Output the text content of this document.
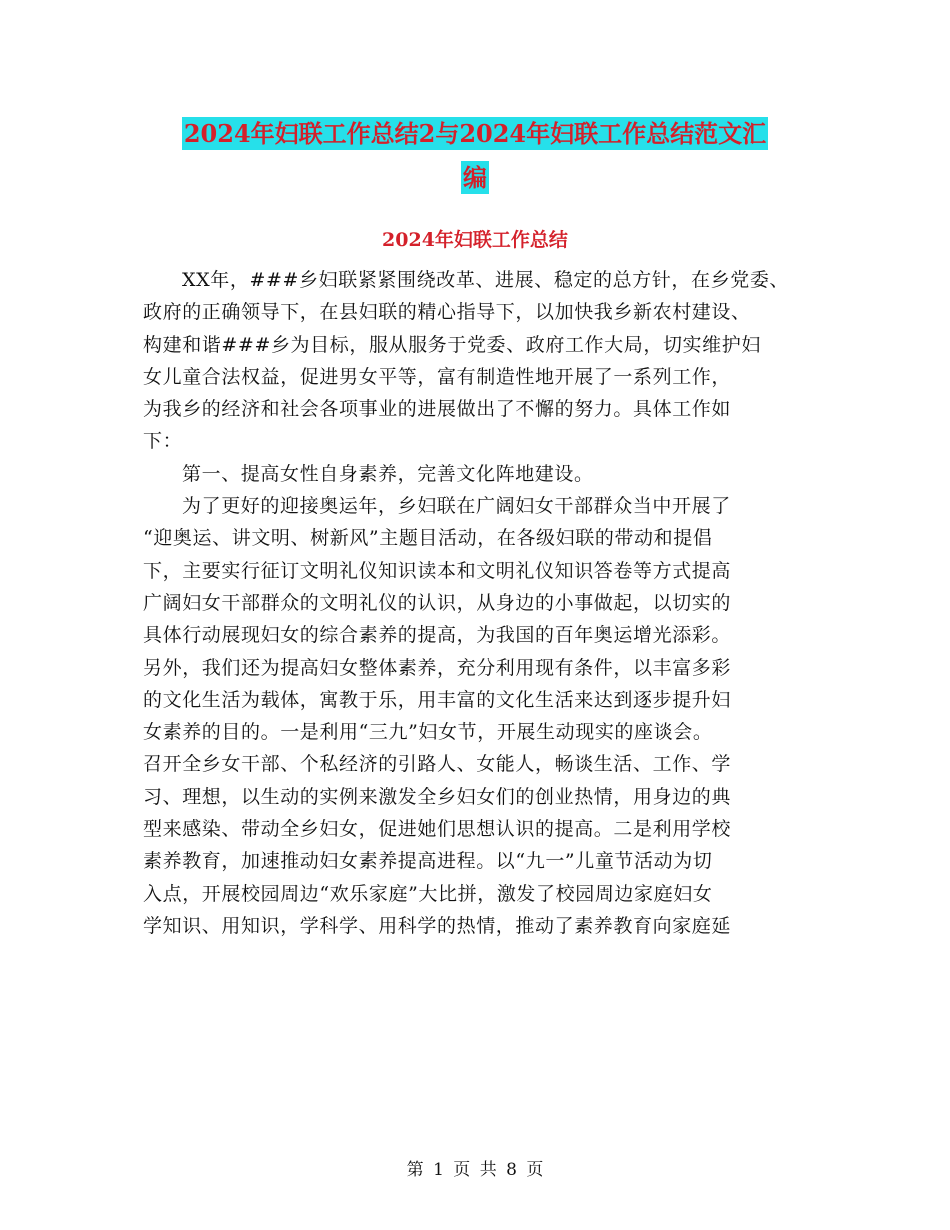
2024年妇联工作总结2与2024年妇联工作总结范文汇
编
2024年妇联工作总结
XX年，###乡妇联紧紧围绕改革、进展、稳定的总方针，在乡党委、
政府的正确领导下，在县妇联的精心指导下，以加快我乡新农村建设、
构建和谐###乡为目标，服从服务于党委、政府工作大局，切实维护妇
女儿童合法权益，促进男女平等，富有制造性地开展了一系列工作，
为我乡的经济和社会各项事业的进展做出了不懈的努力。具体工作如
下：
第一、提高女性自身素养，完善文化阵地建设。
为了更好的迎接奥运年，乡妇联在广阔妇女干部群众当中开展了
“迎奥运、讲文明、树新风”主题目活动，在各级妇联的带动和提倡
下，主要实行征订文明礼仪知识读本和文明礼仪知识答卷等方式提高
广阔妇女干部群众的文明礼仪的认识，从身边的小事做起，以切实的
具体行动展现妇女的综合素养的提高，为我国的百年奥运增光添彩。
另外，我们还为提高妇女整体素养，充分利用现有条件，以丰富多彩
的文化生活为载体，寓教于乐，用丰富的文化生活来达到逐步提升妇
女素养的目的。一是利用“三九”妇女节，开展生动现实的座谈会。
召开全乡女干部、个私经济的引路人、女能人，畅谈生活、工作、学
习、理想，以生动的实例来激发全乡妇女们的创业热情，用身边的典
型来感染、带动全乡妇女，促进她们思想认识的提高。二是利用学校
素养教育，加速推动妇女素养提高进程。以“九一”儿童节活动为切
入点，开展校园周边“欢乐家庭”大比拼，激发了校园周边家庭妇女
学知识、用知识，学科学、用科学的热情，推动了素养教育向家庭延
第 1 页 共 8 页
